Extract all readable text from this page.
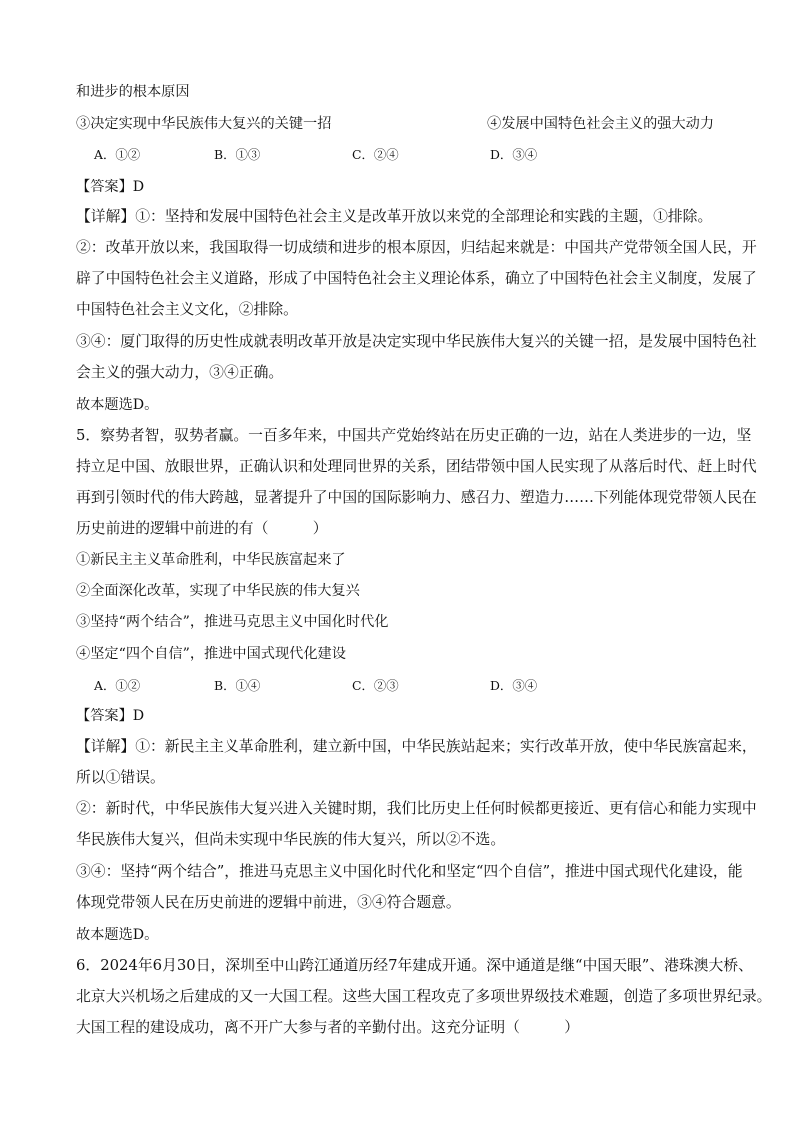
和进步的根本原因
③决定实现中华民族伟大复兴的关键一招	④发展中国特色社会主义的强大动力
A．①②	B．①③	C．②④	D．③④
【答案】D
【详解】①：坚持和发展中国特色社会主义是改革开放以来党的全部理论和实践的主题，①排除。
②：改革开放以来，我国取得一切成绩和进步的根本原因，归结起来就是：中国共产党带领全国人民，开
辟了中国特色社会主义道路，形成了中国特色社会主义理论体系，确立了中国特色社会主义制度，发展了
中国特色社会主义文化，②排除。
③④：厦门取得的历史性成就表明改革开放是决定实现中华民族伟大复兴的关键一招，是发展中国特色社
会主义的强大动力，③④正确。
故本题选D。
5．察势者智，驭势者赢。一百多年来，中国共产党始终站在历史正确的一边，站在人类进步的一边，坚
持立足中国、放眼世界，正确认识和处理同世界的关系，团结带领中国人民实现了从落后时代、赶上时代
再到引领时代的伟大跨越，显著提升了中国的国际影响力、感召力、塑造力……下列能体现党带领人民在
历史前进的逻辑中前进的有（　　　）
①新民主主义革命胜利，中华民族富起来了
②全面深化改革，实现了中华民族的伟大复兴
③坚持“两个结合”，推进马克思主义中国化时代化
④坚定“四个自信”，推进中国式现代化建设
A．①②	B．①④	C．②③	D．③④
【答案】D
【详解】①：新民主主义革命胜利，建立新中国，中华民族站起来；实行改革开放，使中华民族富起来，
所以①错误。
②：新时代，中华民族伟大复兴进入关键时期，我们比历史上任何时候都更接近、更有信心和能力实现中
华民族伟大复兴，但尚未实现中华民族的伟大复兴，所以②不选。
③④：坚持“两个结合”，推进马克思主义中国化时代化和坚定“四个自信”，推进中国式现代化建设，能
体现党带领人民在历史前进的逻辑中前进，③④符合题意。
故本题选D。
6．2024年6月30日，深圳至中山跨江通道历经7年建成开通。深中通道是继“中国天眼”、港珠澳大桥、
北京大兴机场之后建成的又一大国工程。这些大国工程攻克了多项世界级技术难题，创造了多项世界纪录。
大国工程的建设成功，离不开广大参与者的辛勤付出。这充分证明（　　　）
